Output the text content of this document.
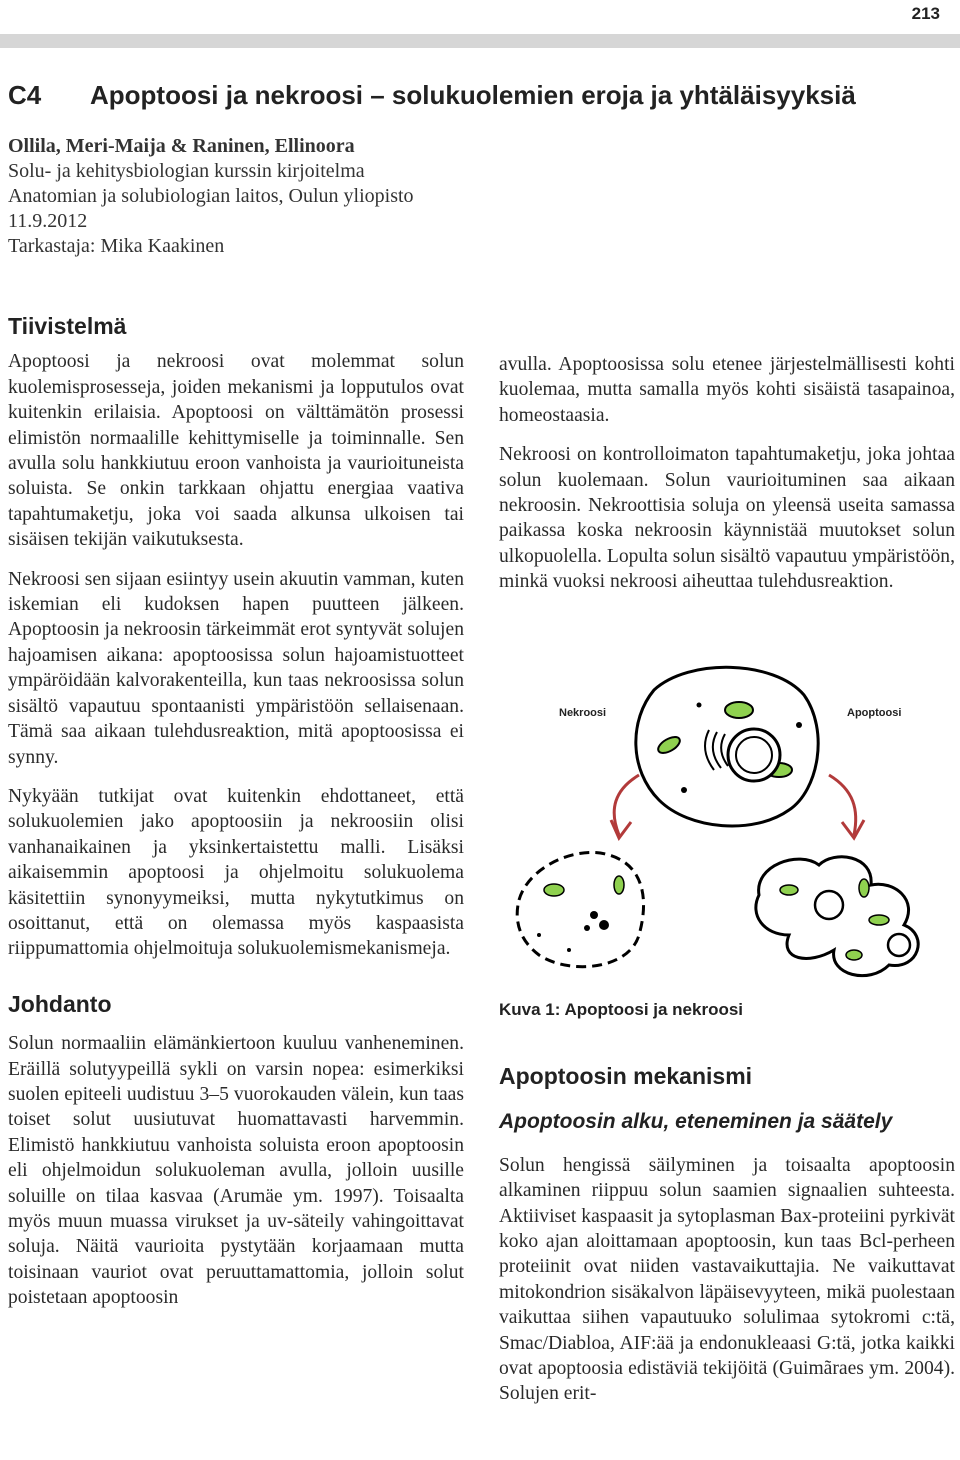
213
C4 Apoptoosi ja nekroosi – solukuolemien eroja ja yhtäläisyyksiä
Ollila, Meri-Maija & Raninen, Ellinoora
Solu- ja kehitysbiologian kurssin kirjoitelma
Anatomian ja solubiologian laitos, Oulun yliopisto
11.9.2012
Tarkastaja: Mika Kaakinen
Tiivistelmä

Apoptoosi ja nekroosi ovat molemmat solun kuolemisprosesseja, joiden mekanismi ja lopputulos ovat kuitenkin erilaisia. Apoptoosi on välttämätön prosessi elimistön normaalille kehittymiselle ja toiminnalle. Sen avulla solu hankkiutuu eroon vanhoista ja vaurioituneista soluista. Se onkin tarkkaan ohjattu energiaa vaativa tapahtumaketju, joka voi saada alkunsa ulkoisen tai sisäisen tekijän vaikutuksesta.

Nekroosi sen sijaan esiintyy usein akuutin vamman, kuten iskemian eli kudoksen hapen puutteen jälkeen. Apoptoosin ja nekroosin tärkeimmät erot syntyvät solujen hajoamisen aikana: apoptoosissa solun hajoamistuotteet ympäröidään kalvorakenteilla, kun taas nekroosissa solun sisältö vapautuu spontaanisti ympäristöön sellaisenaan. Tämä saa aikaan tulehdusreaktion, mitä apoptoosissa ei synny.

Nykyään tutkijat ovat kuitenkin ehdottaneet, että solukuolemien jako apoptoosiin ja nekroosiin olisi vanhanaikainen ja yksinkertaistettu malli. Lisäksi aikaisemmin apoptoosi ja ohjelmoitu solukuolema käsitettiin synonyymeiksi, mutta nykytutkimus on osoittanut, että on olemassa myös kaspaasista riippumattomia ohjelmoituja solukuolemismekanismeja.

Johdanto

Solun normaaliin elämänkiertoon kuuluu vanheneminen. Eräillä solutyypeillä sykli on varsin nopea: esimerkiksi suolen epiteeli uudistuu 3–5 vuorokauden välein, kun taas toiset solut uusiutuvat huomattavasti harvemmin. Elimistö hankkiutuu vanhoista soluista eroon apoptoosin eli ohjelmoidun solukuoleman avulla, jolloin uusille soluille on tilaa kasvaa (Arumäe ym. 1997). Toisaalta myös muun muassa virukset ja uv-säteily vahingoittavat soluja. Näitä vaurioita pystytään korjaamaan mutta toisinaan vauriot ovat peruuttamattomia, jolloin solut poistetaan apoptoosin

avulla. Apoptoosissa solu etenee järjestelmällisesti kohti kuolemaa, mutta samalla myös kohti sisäistä tasapainoa, homeostaasia.

Nekroosi on kontrolloimaton tapahtumaketju, joka johtaa solun kuolemaan. Solun vaurioituminen saa aikaan nekroosin. Nekroottisia soluja on yleensä useita samassa paikassa koska nekroosin käynnistää muutokset solun ulkopuolella. Lopulta solun sisältö vapautuu ympäristöön, minkä vuoksi nekroosi aiheuttaa tulehdusreaktion.

Nekroosi	Apoptoosi
Kuva 1: Apoptoosi ja nekroosi
Apoptoosin mekanismi
Apoptoosin alku, eteneminen ja säätely

Solun hengissä säilyminen ja toisaalta apoptoosin alkaminen riippuu solun saamien signaalien suhteesta. Aktiiviset kaspaasit ja sytoplasman Bax-proteiini pyrkivät koko ajan aloittamaan apoptoosin, kun taas Bcl-perheen proteiinit ovat niiden vastavaikuttajia. Ne vaikuttavat mitokondrion sisäkalvon läpäisevyyteen, mikä puolestaan vaikuttaa siihen vapautuuko solulimaa sytokromi c:tä, Smac/Diabloa, AIF:ää ja endonukleaasi G:tä, jotka kaikki ovat apoptoosia edistäviä tekijöitä (Guimãraes ym. 2004). Solujen erit-
